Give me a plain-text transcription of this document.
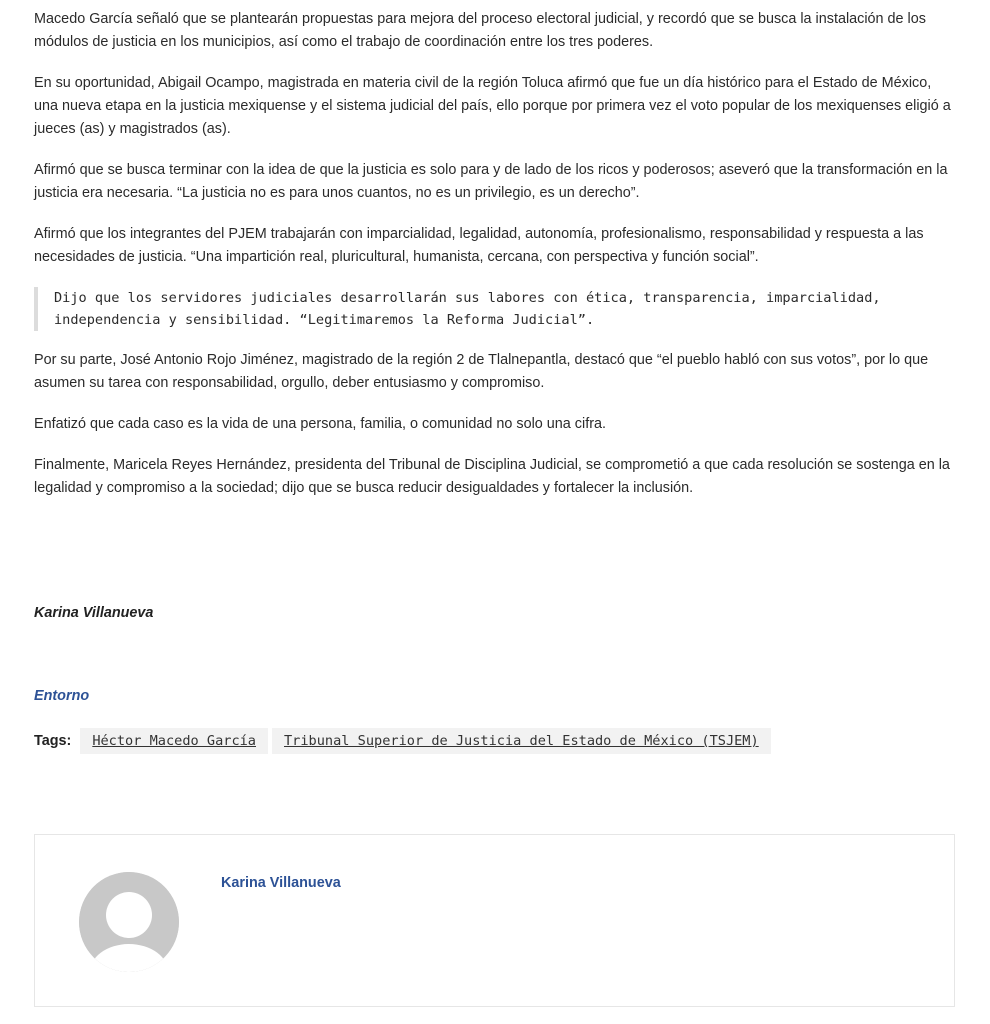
Macedo García señaló que se plantearán propuestas para mejora del proceso electoral judicial, y recordó que se busca la instalación de los módulos de justicia en los municipios, así como el trabajo de coordinación entre los tres poderes.

En su oportunidad, Abigail Ocampo, magistrada en materia civil de la región Toluca afirmó que fue un día histórico para el Estado de México, una nueva etapa en la justicia mexiquense y el sistema judicial del país, ello porque por primera vez el voto popular de los mexiquenses eligió a jueces (as) y magistrados (as).

Afirmó que se busca terminar con la idea de que la justicia es solo para y de lado de los ricos y poderosos; aseveró que la transformación en la justicia era necesaria. “La justicia no es para unos cuantos, no es un privilegio, es un derecho”.

Afirmó que los integrantes del PJEM trabajarán con imparcialidad, legalidad, autonomía, profesionalismo, responsabilidad y respuesta a las necesidades de justicia. “Una impartición real, pluricultural, humanista, cercana, con perspectiva y función social”.

Dijo que los servidores judiciales desarrollarán sus labores con ética, transparencia, imparcialidad, independencia y sensibilidad. “Legitimaremos la Reforma Judicial”.

Por su parte, José Antonio Rojo Jiménez, magistrado de la región 2 de Tlalnepantla, destacó que “el pueblo habló con sus votos”, por lo que asumen su tarea con responsabilidad, orgullo, deber entusiasmo y compromiso.

Enfatizó que cada caso es la vida de una persona, familia, o comunidad no solo una cifra.

Finalmente, Maricela Reyes Hernández, presidenta del Tribunal de Disciplina Judicial, se comprometió a que cada resolución se sostenga en la legalidad y compromiso a la sociedad; dijo que se busca reducir desigualdades y fortalecer la inclusión.

Karina Villanueva
Entorno
Tags:	Héctor Macedo García	Tribunal Superior de Justicia del Estado de México (TSJEM)
Karina Villanueva
